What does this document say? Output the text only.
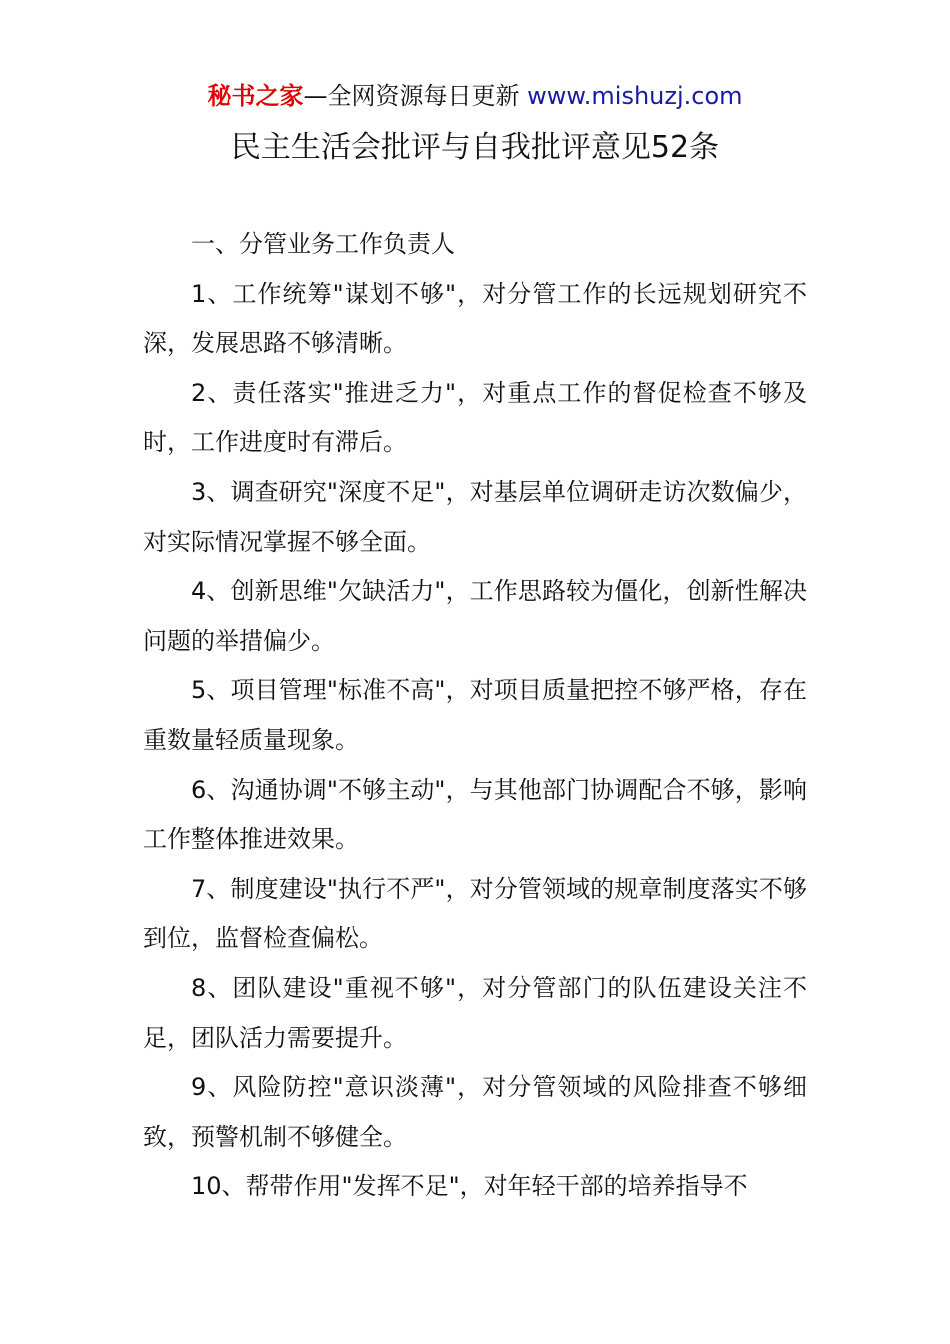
秘书之家—全网资源每日更新 www.mishuzj.com
民主生活会批评与自我批评意见52条

一、分管业务工作负责人

1、工作统筹"谋划不够"，对分管工作的长远规划研究不深，发展思路不够清晰。

2、责任落实"推进乏力"，对重点工作的督促检查不够及时，工作进度时有滞后。

3、调查研究"深度不足"，对基层单位调研走访次数偏少，对实际情况掌握不够全面。

4、创新思维"欠缺活力"，工作思路较为僵化，创新性解决问题的举措偏少。

5、项目管理"标准不高"，对项目质量把控不够严格，存在重数量轻质量现象。

6、沟通协调"不够主动"，与其他部门协调配合不够，影响工作整体推进效果。

7、制度建设"执行不严"，对分管领域的规章制度落实不够到位，监督检查偏松。

8、团队建设"重视不够"，对分管部门的队伍建设关注不足，团队活力需要提升。

9、风险防控"意识淡薄"，对分管领域的风险排查不够细致，预警机制不够健全。

10、帮带作用"发挥不足"，对年轻干部的培养指导不
